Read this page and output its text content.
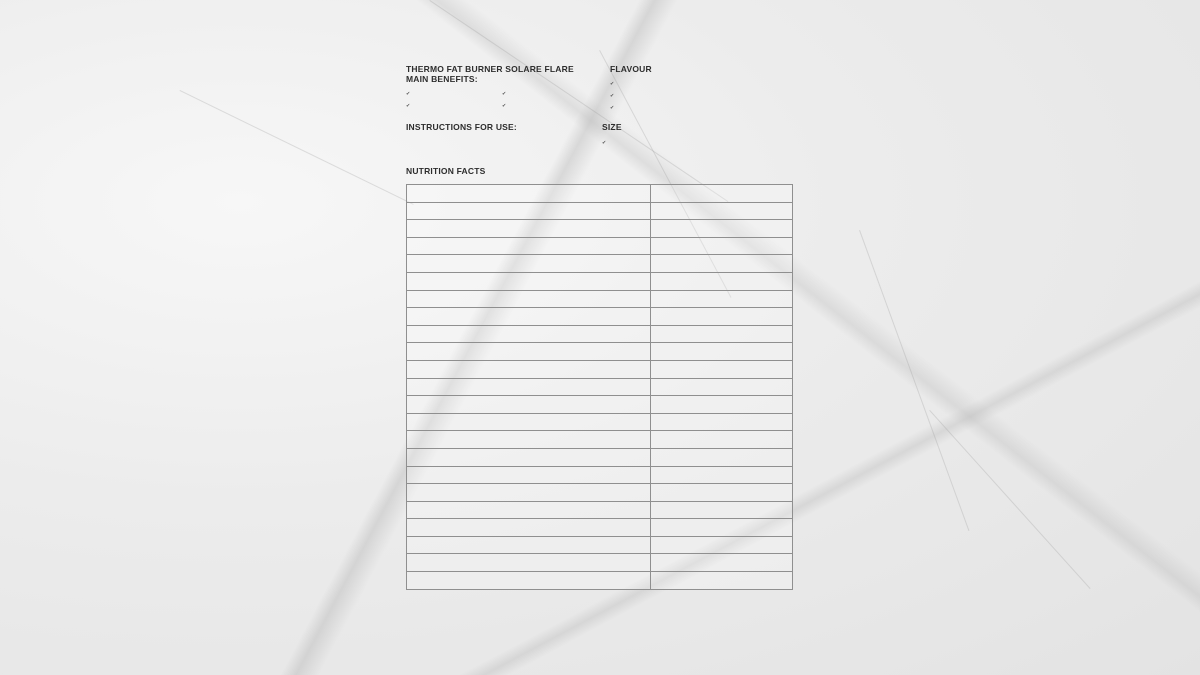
THERMO FAT BURNER SOLARE FLARE MAIN BENEFITS:
✔	✔
✔	✔
FLAVOUR
✔
✔
✔
INSTRUCTIONS FOR USE:	SIZE
✔
NUTRITION FACTS
